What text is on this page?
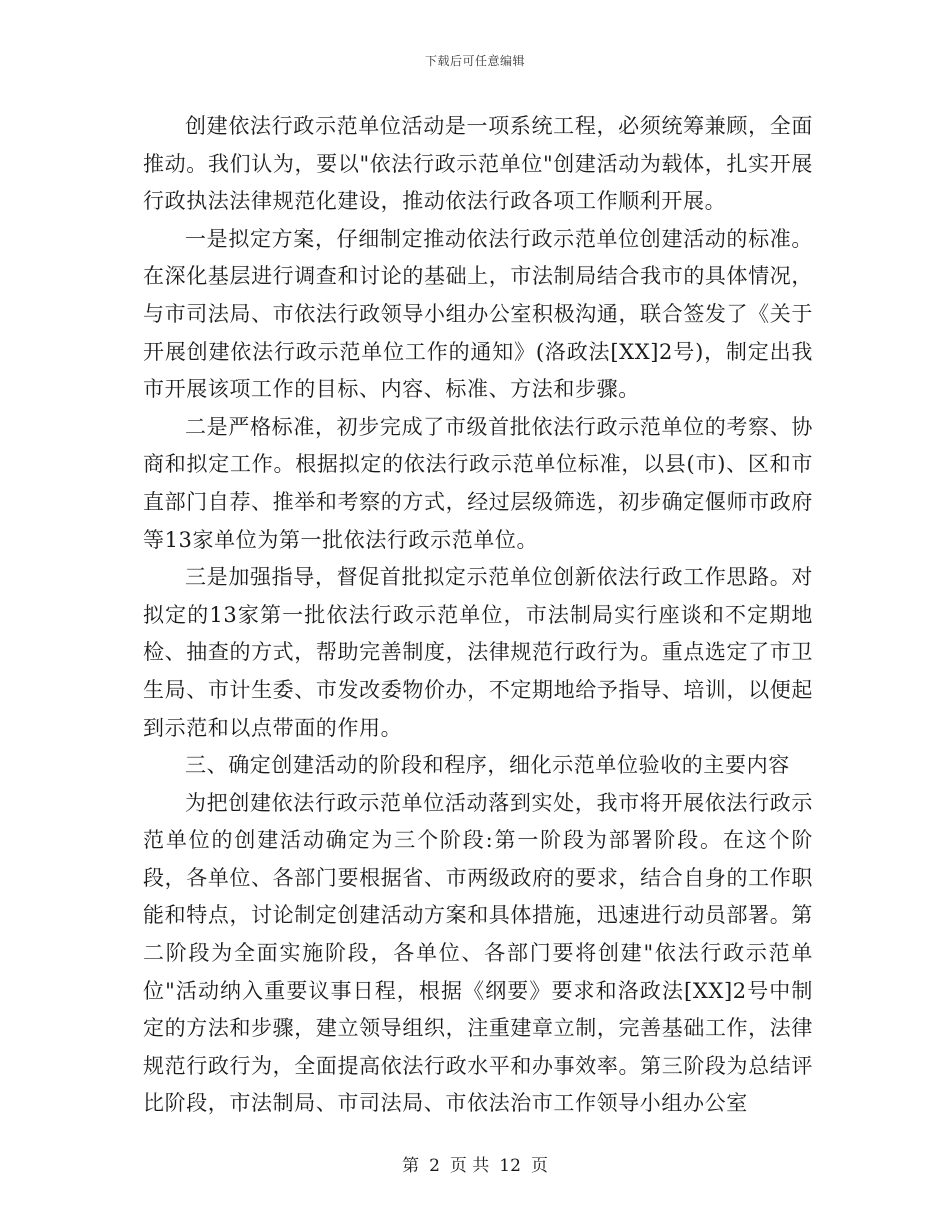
下载后可任意编辑

创建依法行政示范单位活动是一项系统工程，必须统筹兼顾，全面推动。我们认为，要以"依法行政示范单位"创建活动为载体，扎实开展行政执法法律规范化建设，推动依法行政各项工作顺利开展。

一是拟定方案，仔细制定推动依法行政示范单位创建活动的标准。在深化基层进行调查和讨论的基础上，市法制局结合我市的具体情况，与市司法局、市依法行政领导小组办公室积极沟通，联合签发了《关于开展创建依法行政示范单位工作的通知》(洛政法[XX]2号)，制定出我市开展该项工作的目标、内容、标准、方法和步骤。

二是严格标准，初步完成了市级首批依法行政示范单位的考察、协商和拟定工作。根据拟定的依法行政示范单位标准，以县(市)、区和市直部门自荐、推举和考察的方式，经过层级筛选，初步确定偃师市政府等13家单位为第一批依法行政示范单位。

三是加强指导，督促首批拟定示范单位创新依法行政工作思路。对拟定的13家第一批依法行政示范单位，市法制局实行座谈和不定期地检、抽查的方式，帮助完善制度，法律规范行政行为。重点选定了市卫生局、市计生委、市发改委物价办，不定期地给予指导、培训，以便起到示范和以点带面的作用。

三、确定创建活动的阶段和程序，细化示范单位验收的主要内容

为把创建依法行政示范单位活动落到实处，我市将开展依法行政示范单位的创建活动确定为三个阶段:第一阶段为部署阶段。在这个阶段，各单位、各部门要根据省、市两级政府的要求，结合自身的工作职能和特点，讨论制定创建活动方案和具体措施，迅速进行动员部署。第二阶段为全面实施阶段，各单位、各部门要将创建"依法行政示范单位"活动纳入重要议事日程，根据《纲要》要求和洛政法[XX]2号中制定的方法和步骤，建立领导组织，注重建章立制，完善基础工作，法律规范行政行为，全面提高依法行政水平和办事效率。第三阶段为总结评比阶段，市法制局、市司法局、市依法治市工作领导小组办公室

第 2 页 共 12 页
